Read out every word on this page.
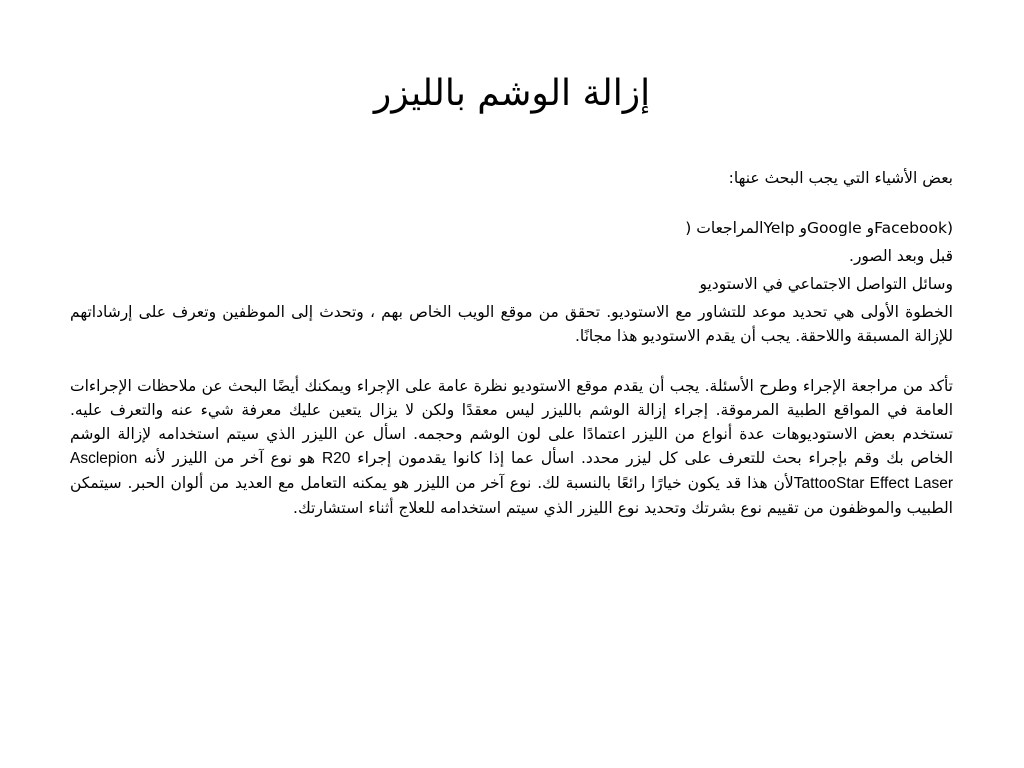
إزالة الوشم بالليزر

بعض الأشياء التي يجب البحث عنها:

(Facebookو Googleو Yelpالمراجعات (

قبل وبعد الصور.

وسائل التواصل الاجتماعي في الاستوديو

الخطوة الأولى هي تحديد موعد للتشاور مع الاستوديو. تحقق من موقع الويب الخاص بهم ، وتحدث إلى الموظفين وتعرف على إرشاداتهم للإزالة المسبقة واللاحقة. يجب أن يقدم الاستوديو هذا مجانًا.

تأكد من مراجعة الإجراء وطرح الأسئلة. يجب أن يقدم موقع الاستوديو نظرة عامة على الإجراء ويمكنك أيضًا البحث عن ملاحظات الإجراءات العامة في المواقع الطبية المرموقة. إجراء إزالة الوشم بالليزر ليس معقدًا ولكن لا يزال يتعين عليك معرفة شيء عنه والتعرف عليه. تستخدم بعض الاستوديوهات عدة أنواع من الليزر اعتمادًا على لون الوشم وحجمه. اسأل عن الليزر الذي سيتم استخدامه لإزالة الوشم الخاص بك وقم بإجراء بحث للتعرف على كل ليزر محدد. اسأل عما إذا كانوا يقدمون إجراء R20 هو نوع آخر من الليزر لأنه Asclepion TattooStar Effect Laserلأن هذا قد يكون خيارًا رائعًا بالنسبة لك. نوع آخر من الليزر هو يمكنه التعامل مع العديد من ألوان الحبر. سيتمكن الطبيب والموظفون من تقييم نوع بشرتك وتحديد نوع الليزر الذي سيتم استخدامه للعلاج أثناء استشارتك.
